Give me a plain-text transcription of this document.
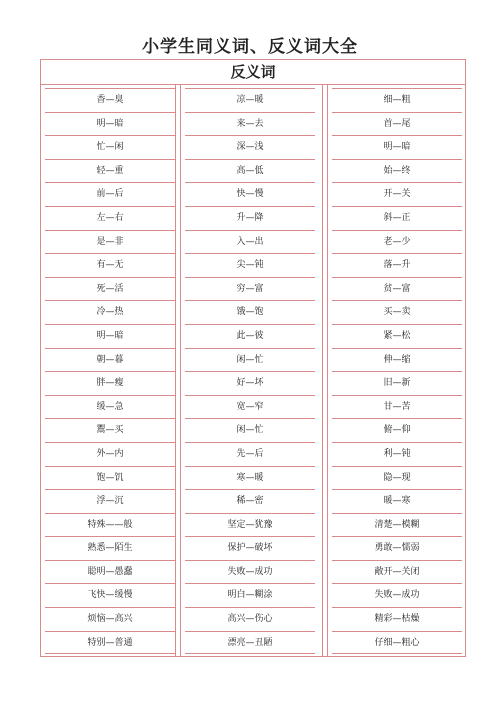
小学生同义词、反义词大全
反义词
香—臭
明—暗
忙—闲
轻—重
前—后
左—右
是—非
有—无
死—活
冷—热
明—暗
朝—暮
胖—瘦
缓—急
鬻—买
外—内
饱—饥
浮—沉
特殊——般
熟悉—陌生
聪明—愚蠢
飞快—缓慢
烦恼—高兴
特别—普通
凉—暖
来—去
深—浅
高—低
快—慢
升—降
入—出
尖—钝
穷—富
饿—饱
此—彼
闲—忙
好—坏
宽—窄
闲—忙
先—后
寒—暖
稀—密
坚定—犹豫
保护—破坏
失败—成功
明白—糊涂
高兴—伤心
漂亮—丑陋
细—粗
首—尾
明—暗
始—终
开—关
斜—正
老—少
落—升
贫—富
买—卖
紧—松
伸—缩
旧—新
甘—苦
俯—仰
利—钝
隐—现
暖—寒
清楚—模糊
勇敢—懦弱
敞开—关闭
失败—成功
精彩—枯燥
仔细—粗心
